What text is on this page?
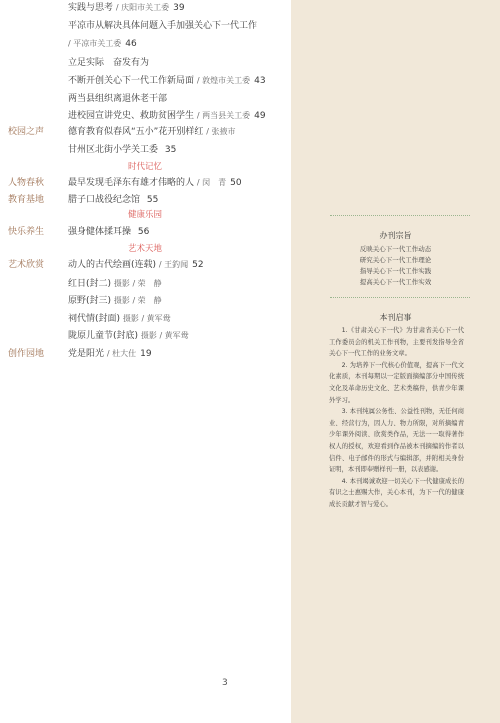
实践与思考 / 庆阳市关工委 39
平凉市从解决具体问题入手加强关心下一代工作
/ 平凉市关工委 46
立足实际　奋发有为
不断开创关心下一代工作新局面 / 敦煌市关工委 43
两当县组织离退休老干部
进校园宣讲党史、救助贫困学生 / 两当县关工委 49
校园之声	德育教育似春风“五小”花开别样红 / 张掖市
甘州区北街小学关工委 35
时代记忆
人物春秋	最早发现毛泽东有雄才伟略的人 / 闵　青 50
教育基地	腊子口战役纪念馆 55
健康乐园
快乐养生	强身健体揉耳操 56
艺术天地
艺术欣赏	动人的古代绘画(连载) / 王釣闻 52
红日(封二) 摄影 / 荣　静
原野(封三) 摄影 / 荣　静
祠代情(封面) 摄影 / 黄军鸯
陇原儿童节(封底) 摄影 / 黄军鸯
创作园地	党是阳光 / 杜大仕 19
3
办刊宗旨
反映关心下一代工作动态
研究关心下一代工作理论
指导关心下一代工作实践
提高关心下一代工作实效
本刊启事

1.《甘肃关心下一代》为甘肃省关心下一代工作委员会的机关工作刊物，主要刊发指导全省关心下一代工作的业务文章。

2. 为培养下一代核心价值观，提高下一代文化素质，本刊每期以一定版面摘编部分中国传统文化及革命历史文化、艺术类稿件，供青少年课外学习。

3. 本刊纯属公务性、公益性刊物，无任何商业、经营行为，因人力、物力所限，对所摘编青少年课外阅读、欣赏类作品，无法一一取得著作权人的授权，欢迎看到作品被本刊摘编的作者以信件、电子邮件的形式与编辑部，并附相关身份证明，本刊即奉赠样刊一册，以表感谢。

4. 本刊竭诚欢迎一切关心下一代健康成长的有识之士惠赐大作，关心本刊，为下一代的健康成长贡献才智与爱心。
